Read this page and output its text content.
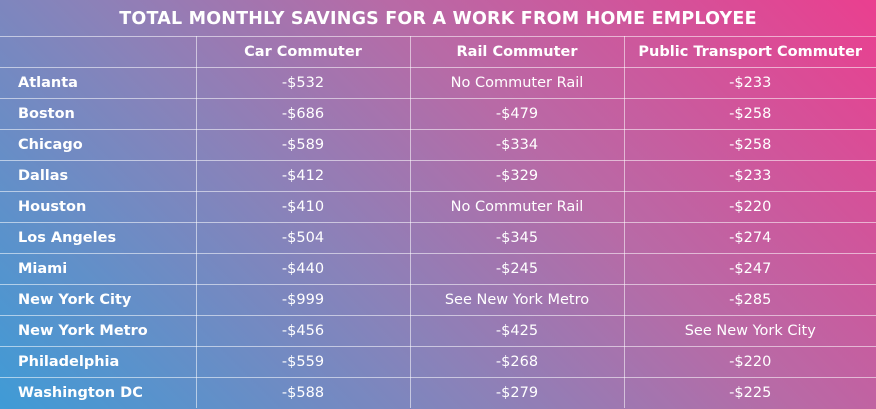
TOTAL MONTHLY SAVINGS FOR A WORK FROM HOME EMPLOYEE
	Car Commuter	Rail Commuter	Public Transport Commuter
Atlanta	-$532	No Commuter Rail	-$233
Boston	-$686	-$479	-$258
Chicago	-$589	-$334	-$258
Dallas	-$412	-$329	-$233
Houston	-$410	No Commuter Rail	-$220
Los Angeles	-$504	-$345	-$274
Miami	-$440	-$245	-$247
New York City	-$999	See New York Metro	-$285
New York Metro	-$456	-$425	See New York City
Philadelphia	-$559	-$268	-$220
Washington DC	-$588	-$279	-$225
